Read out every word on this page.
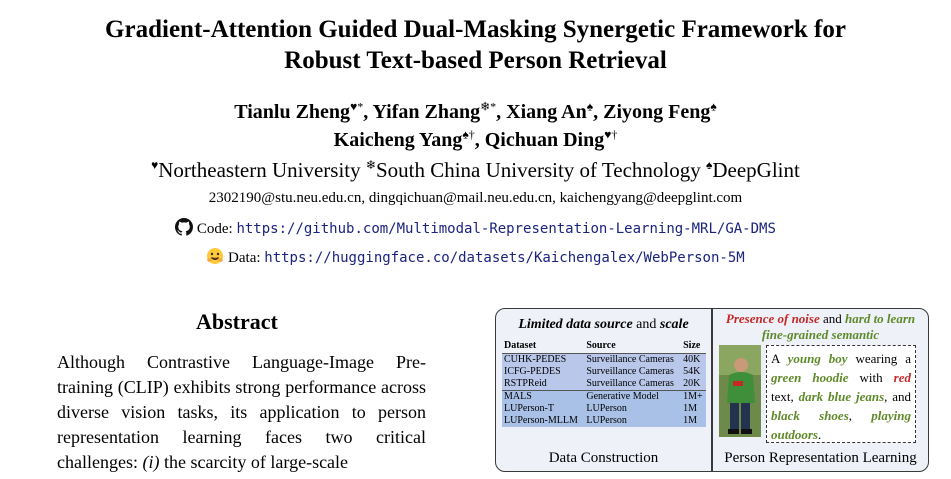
Gradient-Attention Guided Dual-Masking Synergetic Framework for
Robust Text-based Person Retrieval
Tianlu Zheng♥*, Yifan Zhang❄*, Xiang An♠, Ziyong Feng♠
Kaicheng Yang♠†, Qichuan Ding♥†
♥Northeastern University ❄South China University of Technology ♠DeepGlint
2302190@stu.neu.edu.cn, dingqichuan@mail.neu.edu.cn, kaichengyang@deepglint.com
Code: https://github.com/Multimodal-Representation-Learning-MRL/GA-DMS
Data: https://huggingface.co/datasets/Kaichengalex/WebPerson-5M
Abstract
Although Contrastive Language-Image Pre-training (CLIP) exhibits strong performance across diverse vision tasks, its application to person representation learning faces two critical challenges: (i) the scarcity of large-scale
Limited data source and scale
Dataset	Source	Size
CUHK-PEDES	Surveillance Cameras	40K
ICFG-PEDES	Surveillance Cameras	54K
RSTPReid	Surveillance Cameras	20K
MALS	Generative Model	1M+
LUPerson-T	LUPerson	1M
LUPerson-MLLM	LUPerson	1M
Data Construction
Presence of noise and hard to learn fine-grained semantic
A young boy wearing a green hoodie with red text, dark blue jeans, and black shoes, playing outdoors.
Person Representation Learning
